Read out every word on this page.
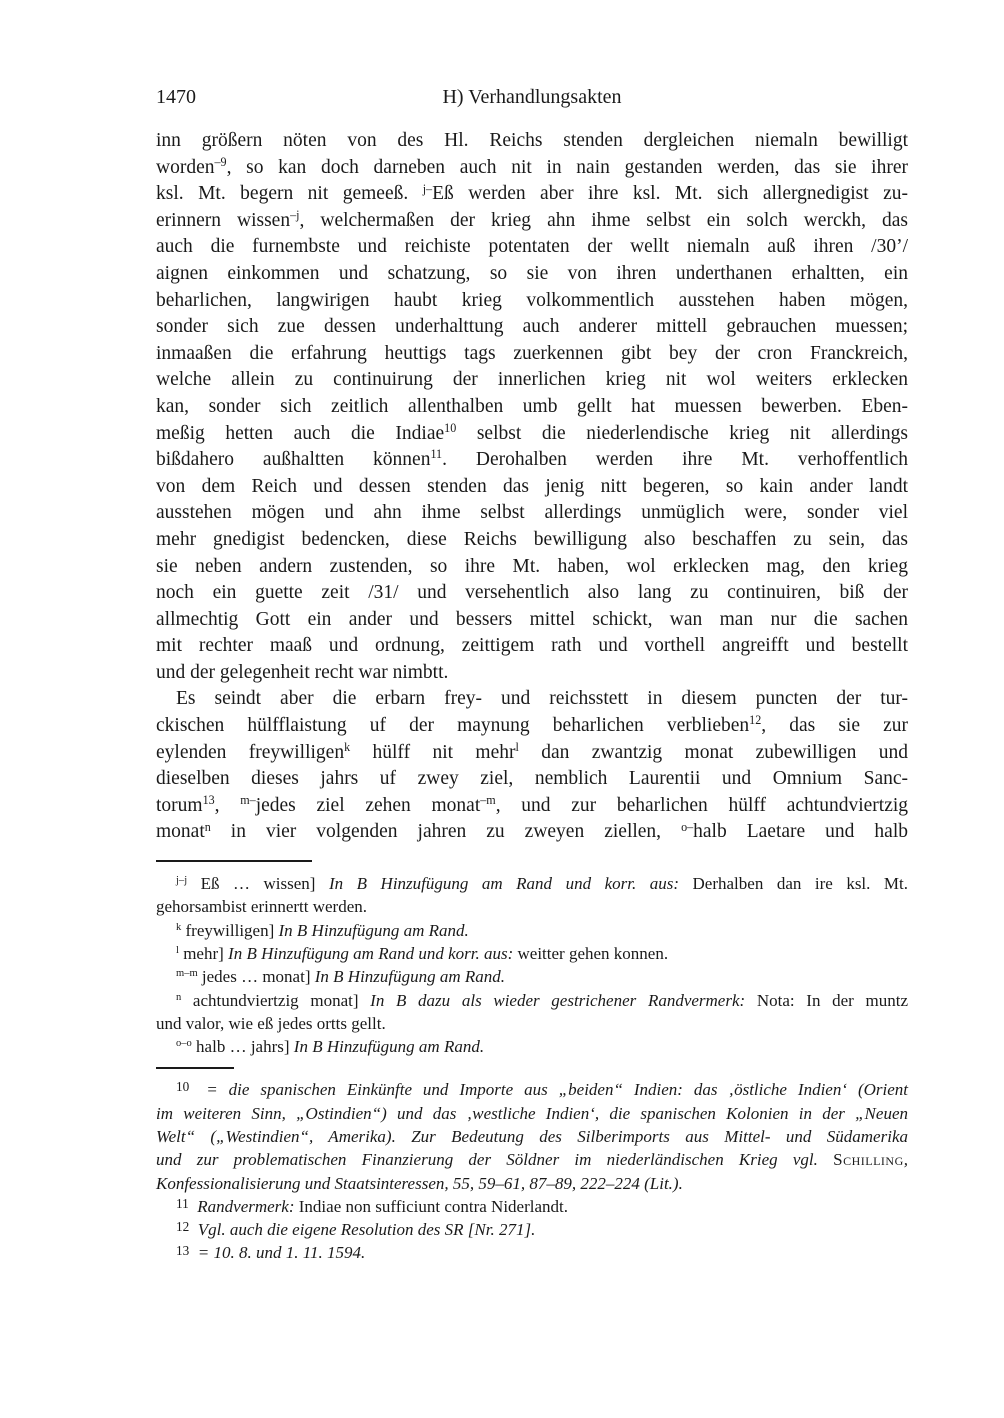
1470	H) Verhandlungsakten
inn größern nöten von des Hl. Reichs stenden dergleichen niemaln bewilligt
worden$^{-9}$, so kan doch darneben auch nit in nain gestanden werden, das sie ihrer
ksl. Mt. begern nit gemeeß. $^{j-}$Eß werden aber ihre ksl. Mt. sich allergnedigist zu-
erinnern wissen$^{-j}$, welchermaßen der krieg ahn ihme selbst ein solch werckh, das
auch die furnembste und reichiste potentaten der wellt niemaln auß ihren /30’/
aignen einkommen und schatzung, so sie von ihren underthanen erhaltten, ein
beharlichen, langwirigen haubt krieg volkommentlich ausstehen haben mögen,
sonder sich zue dessen underhalttung auch anderer mittell gebrauchen muessen;
inmaaßen die erfahrung heuttigs tags zuerkennen gibt bey der cron Franckreich,
welche allein zu continuirung der innerlichen krieg nit wol weiters erklecken
kan, sonder sich zeitlich allenthalben umb gellt hat muessen bewerben. Eben-
meßig hetten auch die Indiae$^{10}$ selbst die niederlendische krieg nit allerdings
bißdahero außhaltten können$^{11}$. Derohalben werden ihre Mt. verhoffentlich
von dem Reich und dessen stenden das jenig nitt begeren, so kain ander landt
ausstehen mögen und ahn ihme selbst allerdings unmüglich were, sonder viel
mehr gnedigist bedencken, diese Reichs bewilligung also beschaffen zu sein, das
sie neben andern zustenden, so ihre Mt. haben, wol erklecken mag, den krieg
noch ein guette zeit /31/ und versehentlich also lang zu continuiren, biß der
allmechtig Gott ein ander und bessers mittel schickt, wan man nur die sachen
mit rechter maaß und ordnung, zeittigem rath und vorthell angreifft und bestellt
und der gelegenheit recht war nimbtt.
Es seindt aber die erbarn frey- und reichsstett in diesem puncten der tur-
ckischen hülfflaistung uf der maynung beharlichen verblieben$^{12}$, das sie zur
eylenden freywilligen$^k$ hülff nit mehr$^l$ dan zwantzig monat zubewilligen und
dieselben dieses jahrs uf zwey ziel, nemblich Laurentii und Omnium Sanc-
torum$^{13}$, $^{m-}$jedes ziel zehen monat$^{-m}$, und zur beharlichen hülff achtundviertzig
monat$^n$ in vier volgenden jahren zu zweyen ziellen, $^{o-}$halb Laetare und halb
$^{j-j}$ Eß … wissen] In B Hinzufügung am Rand und korr. aus: Derhalben dan ire ksl. Mt.
gehorsambist erinnertt werden.
$^k$ freywilligen] In B Hinzufügung am Rand.
$^l$ mehr] In B Hinzufügung am Rand und korr. aus: weitter gehen konnen.
$^{m-m}$ jedes … monat] In B Hinzufügung am Rand.
$^n$ achtundviertzig monat] In B dazu als wieder gestrichener Randvermerk: Nota: In der muntz
und valor, wie eß jedes ortts gellt.
$^{o-o}$ halb … jahrs] In B Hinzufügung am Rand.
$^{10}$  = die spanischen Einkünfte und Importe aus „beiden“ Indien: das ‚östliche Indien‘ (Orient
im weiteren Sinn, „Ostindien“) und das ‚westliche Indien‘, die spanischen Kolonien in der „Neuen
Welt“ („Westindien“, Amerika). Zur Bedeutung des Silberimports aus Mittel- und Südamerika
und zur problematischen Finanzierung der Söldner im niederländischen Krieg vgl. Schilling,
Konfessionalisierung und Staatsinteressen, 55, 59–61, 87–89, 222–224 (Lit.).
$^{11}$  Randvermerk: Indiae non sufficiunt contra Niderlandt.
$^{12}$  Vgl. auch die eigene Resolution des SR [Nr. 271].
$^{13}$  = 10. 8. und 1. 11. 1594.
